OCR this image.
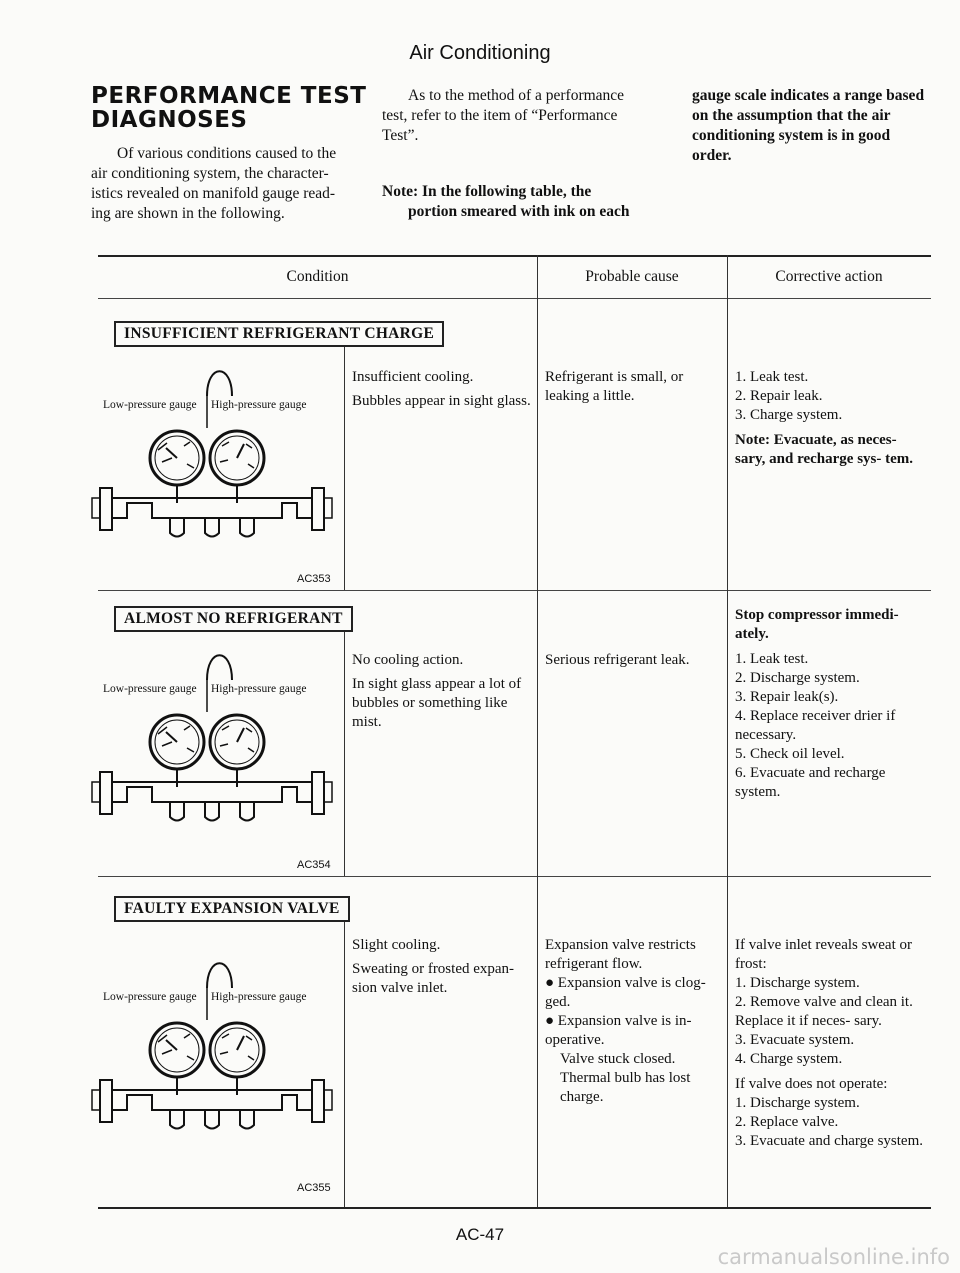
Air Conditioning
PERFORMANCE TEST
DIAGNOSES
Of various conditions caused to the
air conditioning system, the character-
istics revealed on manifold gauge read-
ing are shown in the following.
As to the method of a performance
test, refer to the item of “Performance
Test”.
Note: In the following table, the
portion smeared with ink on each
gauge scale indicates a range based
on the assumption that the air
conditioning system is in good
order.
Condition	Probable cause	Corrective action
INSUFFICIENT REFRIGERANT CHARGE
Low-pressure gauge High-pressure gauge
AC353
Insufficient cooling.
Bubbles appear in sight glass.
Refrigerant is small, or leaking a little.
1. Leak test.
2. Repair leak.
3. Charge system.
Note: Evacuate, as neces- sary, and recharge sys- tem.
ALMOST NO REFRIGERANT
Low-pressure gauge High-pressure gauge
AC354
No cooling action.
In sight glass appear a lot of bubbles or something like mist.
Serious refrigerant leak.
Stop compressor immedi- ately.
1. Leak test.
2. Discharge system.
3. Repair leak(s).
4. Replace receiver drier if necessary.
5. Check oil level.
6. Evacuate and recharge system.
FAULTY EXPANSION VALVE
Low-pressure gauge High-pressure gauge
AC355
Slight cooling.
Sweating or frosted expan- sion valve inlet.
Expansion valve restricts refrigerant flow.
● Expansion valve is clog- ged.
● Expansion valve is in- operative.
Valve stuck closed.
Thermal bulb has lost charge.
If valve inlet reveals sweat or frost:
1. Discharge system.
2. Remove valve and clean it. Replace it if neces- sary.
3. Evacuate system.
4. Charge system.
If valve does not operate:
1. Discharge system.
2. Replace valve.
3. Evacuate and charge system.
AC-47
carmanualsonline.info
